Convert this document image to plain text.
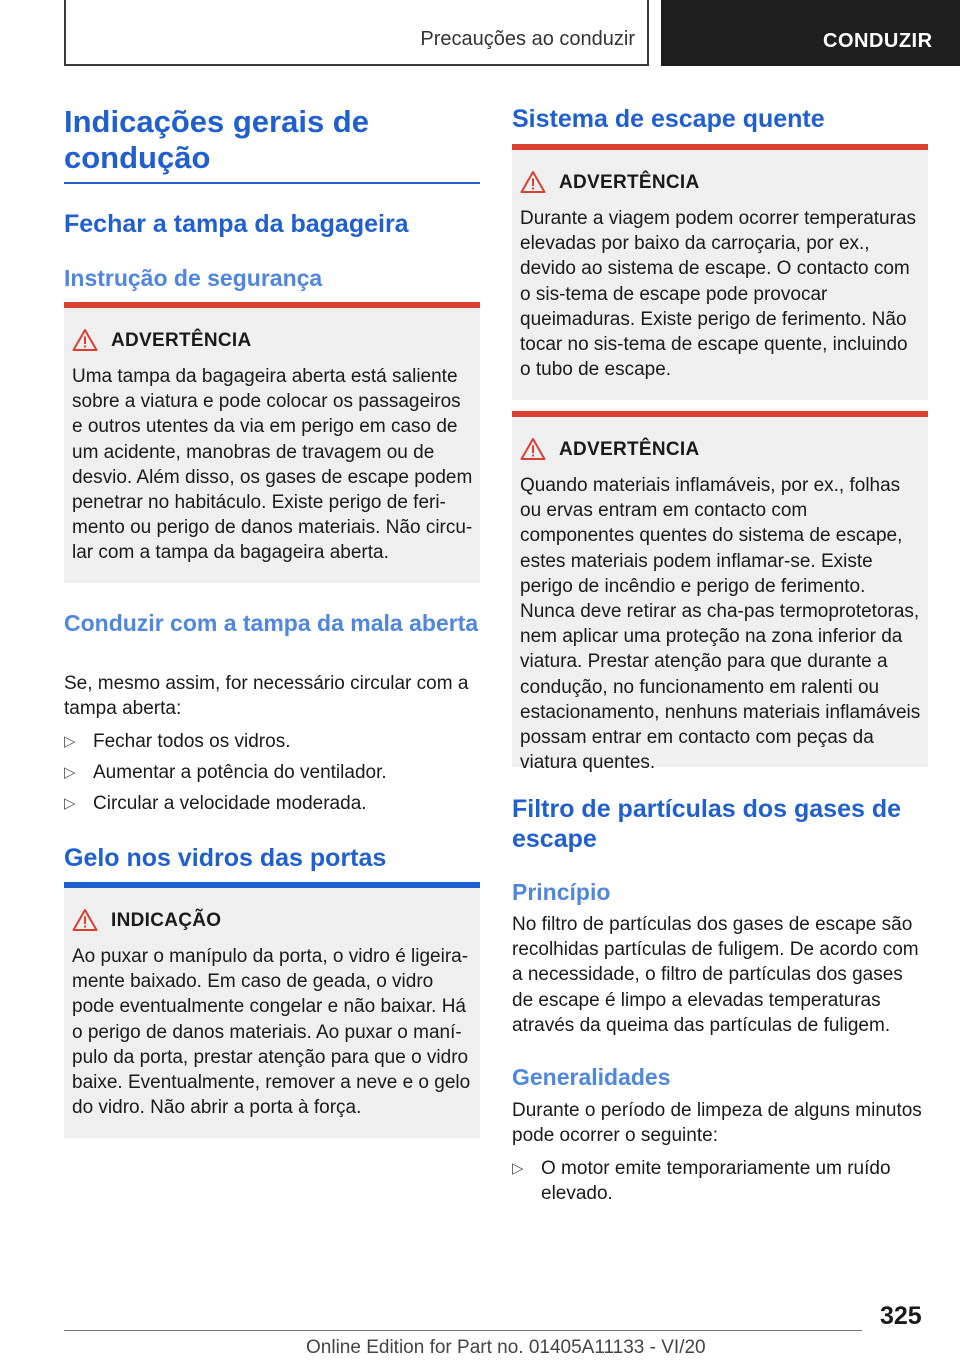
Precauções ao conduzir	CONDUZIR
Indicações gerais de condução
Fechar a tampa da bagageira
Instrução de segurança
ADVERTÊNCIA
Uma tampa da bagageira aberta está saliente sobre a viatura e pode colocar os passageiros e outros utentes da via em perigo em caso de um acidente, manobras de travagem ou de desvio. Além disso, os gases de escape podem penetrar no habitáculo. Existe perigo de feri-mento ou perigo de danos materiais. Não circu-lar com a tampa da bagageira aberta.
Conduzir com a tampa da mala aberta
Se, mesmo assim, for necessário circular com a tampa aberta:
▷ Fechar todos os vidros.
▷ Aumentar a potência do ventilador.
▷ Circular a velocidade moderada.
Gelo nos vidros das portas
INDICAÇÃO
Ao puxar o manípulo da porta, o vidro é ligeira-mente baixado. Em caso de geada, o vidro pode eventualmente congelar e não baixar. Há o perigo de danos materiais. Ao puxar o maní-pulo da porta, prestar atenção para que o vidro baixe. Eventualmente, remover a neve e o gelo do vidro. Não abrir a porta à força.
Sistema de escape quente
ADVERTÊNCIA
Durante a viagem podem ocorrer temperaturas elevadas por baixo da carroçaria, por ex., devido ao sistema de escape. O contacto com o sis-tema de escape pode provocar queimaduras. Existe perigo de ferimento. Não tocar no sis-tema de escape quente, incluindo o tubo de escape.
ADVERTÊNCIA
Quando materiais inflamáveis, por ex., folhas ou ervas entram em contacto com componentes quentes do sistema de escape, estes materiais podem inflamar-se. Existe perigo de incêndio e perigo de ferimento. Nunca deve retirar as cha-pas termoprotetoras, nem aplicar uma proteção na zona inferior da viatura. Prestar atenção para que durante a condução, no funcionamento em ralenti ou estacionamento, nenhuns materiais inflamáveis possam entrar em contacto com peças da viatura quentes.
Filtro de partículas dos gases de escape
Princípio
No filtro de partículas dos gases de escape são recolhidas partículas de fuligem. De acordo com a necessidade, o filtro de partículas dos gases de escape é limpo a elevadas temperaturas através da queima das partículas de fuligem.
Generalidades
Durante o período de limpeza de alguns minutos pode ocorrer o seguinte:
▷ O motor emite temporariamente um ruído elevado.
325
Online Edition for Part no. 01405A11133 - VI/20
